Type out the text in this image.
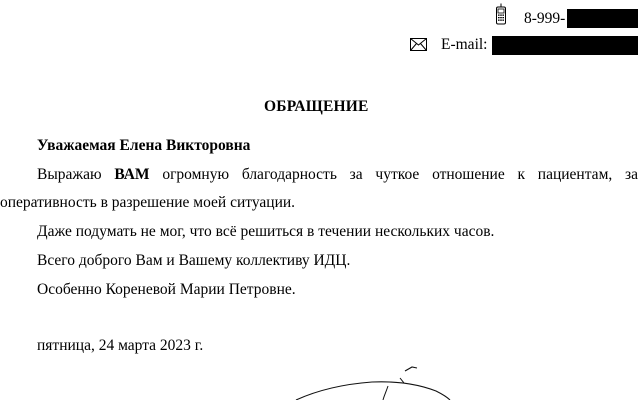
8-999-
E-mail:
ОБРАЩЕНИЕ
Уважаемая Елена Викторовна
Выражаю ВАМ огромную благодарность за чуткое отношение к пациентам, за
оперативность в разрешение моей ситуации.
Даже подумать не мог, что всё решиться в течении нескольких часов.
Всего доброго Вам и Вашему коллективу ИДЦ.
Особенно Кореневой Марии Петровне.
пятница, 24 марта 2023 г.
